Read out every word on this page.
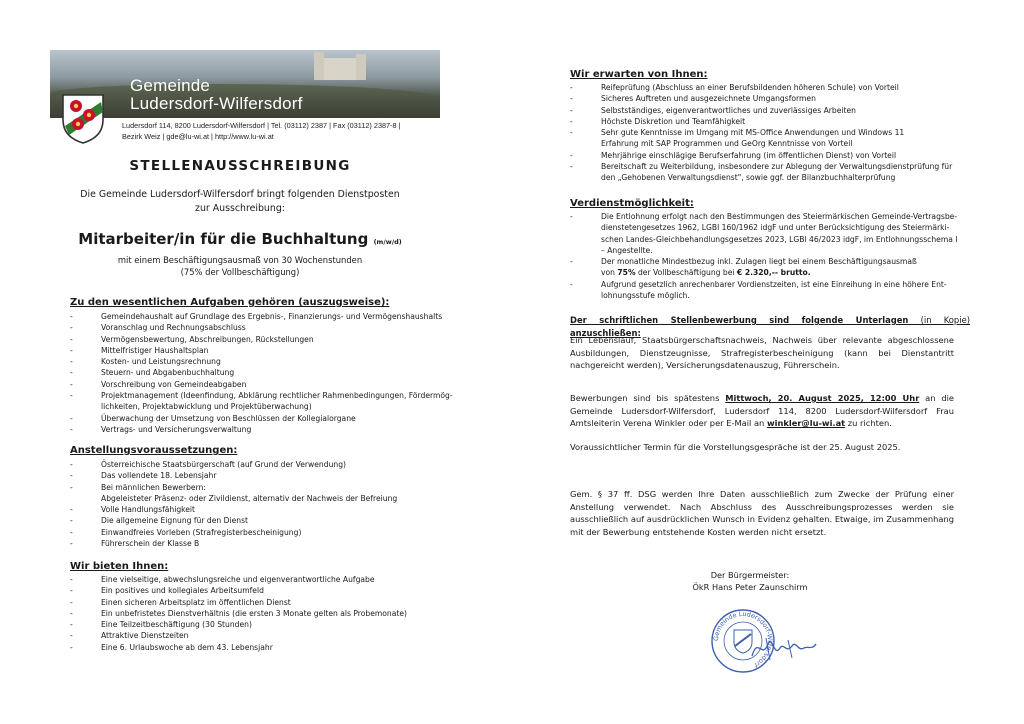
Gemeinde
Ludersdorf-Wilfersdorf
Ludersdorf 114, 8200 Ludersdorf-Wilfersdorf | Tel. (03112) 2387 | Fax (03112) 2387-8 |
Bezirk Weiz | gde@lu-wi.at | http://www.lu-wi.at
STELLENAUSSCHREIBUNG
Die Gemeinde Ludersdorf-Wilfersdorf bringt folgenden Dienstposten
zur Ausschreibung:
Mitarbeiter/in für die Buchhaltung (m/w/d)
mit einem Beschäftigungsausmaß von 30 Wochenstunden
(75% der Vollbeschäftigung)
Zu den wesentlichen Aufgaben gehören (auszugsweise):
-	Gemeindehaushalt auf Grundlage des Ergebnis-, Finanzierungs- und Vermögenshaushalts
-	Voranschlag und Rechnungsabschluss
-	Vermögensbewertung, Abschreibungen, Rückstellungen
-	Mittelfristiger Haushaltsplan
-	Kosten- und Leistungsrechnung
-	Steuern- und Abgabenbuchhaltung
-	Vorschreibung von Gemeindeabgaben
-	Projektmanagement (Ideenfindung, Abklärung rechtlicher Rahmenbedingungen, Fördermög-
lichkeiten, Projektabwicklung und Projektüberwachung)
-	Überwachung der Umsetzung von Beschlüssen der Kollegialorgane
-	Vertrags- und Versicherungsverwaltung
Anstellungsvoraussetzungen:
-	Österreichische Staatsbürgerschaft (auf Grund der Verwendung)
-	Das vollendete 18. Lebensjahr
-	Bei männlichen Bewerbern:
Abgeleisteter Präsenz- oder Zivildienst, alternativ der Nachweis der Befreiung
-	Volle Handlungsfähigkeit
-	Die allgemeine Eignung für den Dienst
-	Einwandfreies Vorleben (Strafregisterbescheinigung)
-	Führerschein der Klasse B
Wir bieten Ihnen:
-	Eine vielseitige, abwechslungsreiche und eigenverantwortliche Aufgabe
-	Ein positives und kollegiales Arbeitsumfeld
-	Einen sicheren Arbeitsplatz im öffentlichen Dienst
-	Ein unbefristetes Dienstverhältnis (die ersten 3 Monate gelten als Probemonate)
-	Eine Teilzeitbeschäftigung (30 Stunden)
-	Attraktive Dienstzeiten
-	Eine 6. Urlaubswoche ab dem 43. Lebensjahr
Wir erwarten von Ihnen:
-	Reifeprüfung (Abschluss an einer Berufsbildenden höheren Schule) von Vorteil
-	Sicheres Auftreten und ausgezeichnete Umgangsformen
-	Selbstständiges, eigenverantwortliches und zuverlässiges Arbeiten
-	Höchste Diskretion und Teamfähigkeit
-	Sehr gute Kenntnisse im Umgang mit MS-Office Anwendungen und Windows 11
Erfahrung mit SAP Programmen und GeOrg Kenntnisse von Vorteil
-	Mehrjährige einschlägige Berufserfahrung (im öffentlichen Dienst) von Vorteil
-	Bereitschaft zu Weiterbildung, insbesondere zur Ablegung der Verwaltungsdienstprüfung für
den „Gehobenen Verwaltungsdienst", sowie ggf. der Bilanzbuchhalterprüfung
Verdienstmöglichkeit:
-	Die Entlohnung erfolgt nach den Bestimmungen des Steiermärkischen Gemeinde-Vertragsbe-
dienstetengesetzes 1962, LGBl 160/1962 idgF und unter Berücksichtigung des Steiermärki-
schen Landes-Gleichbehandlungsgesetzes 2023, LGBl 46/2023 idgF, im Entlohnungsschema I
– Angestellte.
-	Der monatliche Mindestbezug inkl. Zulagen liegt bei einem Beschäftigungsausmaß
von 75% der Vollbeschäftigung bei € 2.320,-- brutto.
-	Aufgrund gesetzlich anrechenbarer Vordienstzeiten, ist eine Einreihung in eine höhere Ent-
lohnungsstufe möglich.
Der schriftlichen Stellenbewerbung sind folgende Unterlagen (in Kopie) anzuschließen:
Ein Lebenslauf, Staatsbürgerschaftsnachweis, Nachweis über relevante abgeschlossene Ausbildungen, Dienstzeugnisse, Strafregisterbescheinigung (kann bei Dienstantritt nachgereicht werden), Versicherungsdatenauszug, Führerschein.
Bewerbungen sind bis spätestens Mittwoch, 20. August 2025, 12:00 Uhr an die Gemeinde Ludersdorf-Wilfersdorf, Ludersdorf 114, 8200 Ludersdorf-Wilfersdorf Frau Amtsleiterin Verena Winkler oder per E-Mail an winkler@lu-wi.at zu richten.
Voraussichtlicher Termin für die Vorstellungsgespräche ist der 25. August 2025.
Gem. § 37 ff. DSG werden Ihre Daten ausschließlich zum Zwecke der Prüfung einer Anstellung verwendet. Nach Abschluss des Ausschreibungsprozesses werden sie ausschließlich auf ausdrücklichen Wunsch in Evidenz gehalten. Etwaige, im Zusammenhang mit der Bewerbung entstehende Kosten werden nicht ersetzt.
Der Bürgermeister:
ÖkR Hans Peter Zaunschirm
Gemeinde Ludersdorf-Wilfersdorf
